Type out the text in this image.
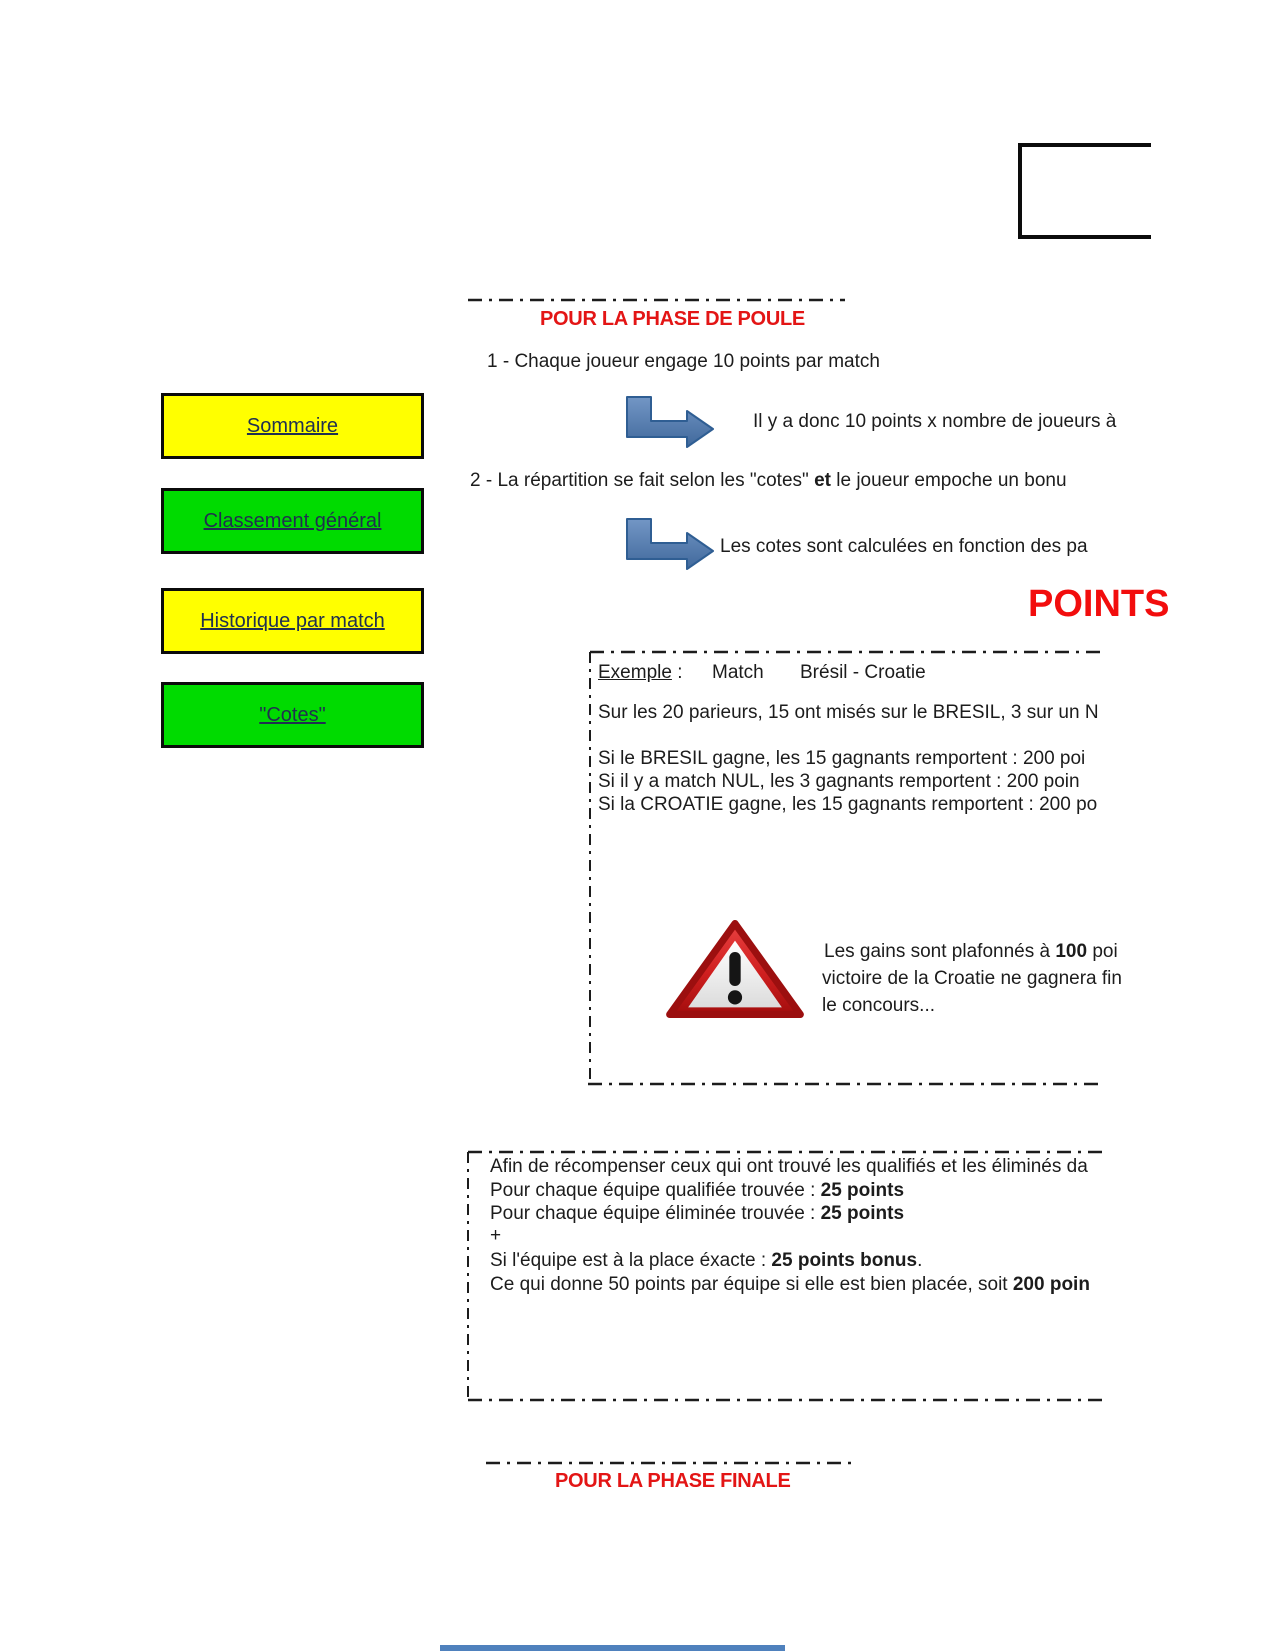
Sommaire
Classement général
Historique par match
"Cotes"
POUR LA PHASE DE POULE
1 - Chaque joueur engage 10 points par match
Il y a donc 10 points x nombre de joueurs à
2 - La répartition se fait selon les "cotes" et le joueur empoche un bonu
Les cotes sont calculées en fonction des pa
POINTS
Exemple : Match Brésil - Croatie
Sur les 20 parieurs, 15 ont misés sur le BRESIL, 3 sur un N
Si le BRESIL gagne, les 15 gagnants remportent : 200 poi
Si il y a match NUL, les 3 gagnants remportent : 200 poin
Si la CROATIE gagne, les 15 gagnants remportent : 200 po
Les gains sont plafonnés à 100 poi
victoire de la Croatie ne gagnera fin
le concours...
Afin de récompenser ceux qui ont trouvé les qualifiés et les éliminés da
Pour chaque équipe qualifiée trouvée : 25 points
Pour chaque équipe éliminée trouvée : 25 points
+
Si l'équipe est à la place éxacte : 25 points bonus.
Ce qui donne 50 points par équipe si elle est bien placée, soit 200 poin
POUR LA PHASE FINALE
